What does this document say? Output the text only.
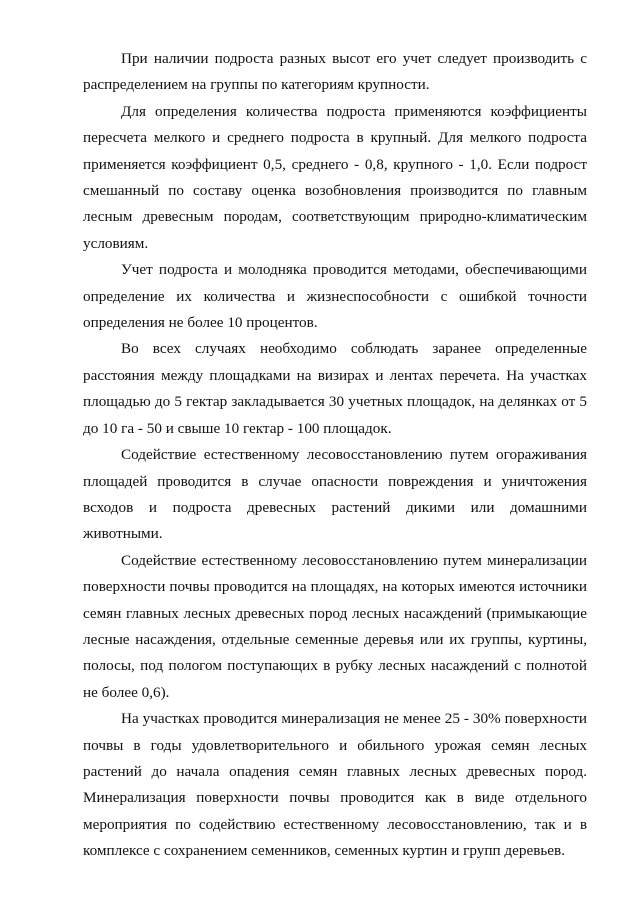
При наличии подроста разных высот его учет следует производить с распределением на группы по категориям крупности.

Для определения количества подроста применяются коэффициенты пересчета мелкого и среднего подроста в крупный. Для мелкого подроста применяется коэффициент 0,5, среднего - 0,8, крупного - 1,0. Если подрост смешанный по составу оценка возобновления производится по главным лесным древесным породам, соответствующим природно-климатическим условиям.

Учет подроста и молодняка проводится методами, обеспечивающими определение их количества и жизнеспособности с ошибкой точности определения не более 10 процентов.

Во всех случаях необходимо соблюдать заранее определенные расстояния между площадками на визирах и лентах перечета. На участках площадью до 5 гектар закладывается 30 учетных площадок, на делянках от 5 до 10 га - 50 и свыше 10 гектар - 100 площадок.

Содействие естественному лесовосстановлению путем огораживания площадей проводится в случае опасности повреждения и уничтожения всходов и подроста древесных растений дикими или домашними животными.

Содействие естественному лесовосстановлению путем минерализации поверхности почвы проводится на площадях, на которых имеются источники семян главных лесных древесных пород лесных насаждений (примыкающие лесные насаждения, отдельные семенные деревья или их группы, куртины, полосы, под пологом поступающих в рубку лесных насаждений с полнотой не более 0,6).

На участках проводится минерализация не менее 25 - 30% поверхности почвы в годы удовлетворительного и обильного урожая семян лесных растений до начала опадения семян главных лесных древесных пород. Минерализация поверхности почвы проводится как в виде отдельного мероприятия по содействию естественному лесовосстановлению, так и в комплексе с сохранением семенников, семенных куртин и групп деревьев.
